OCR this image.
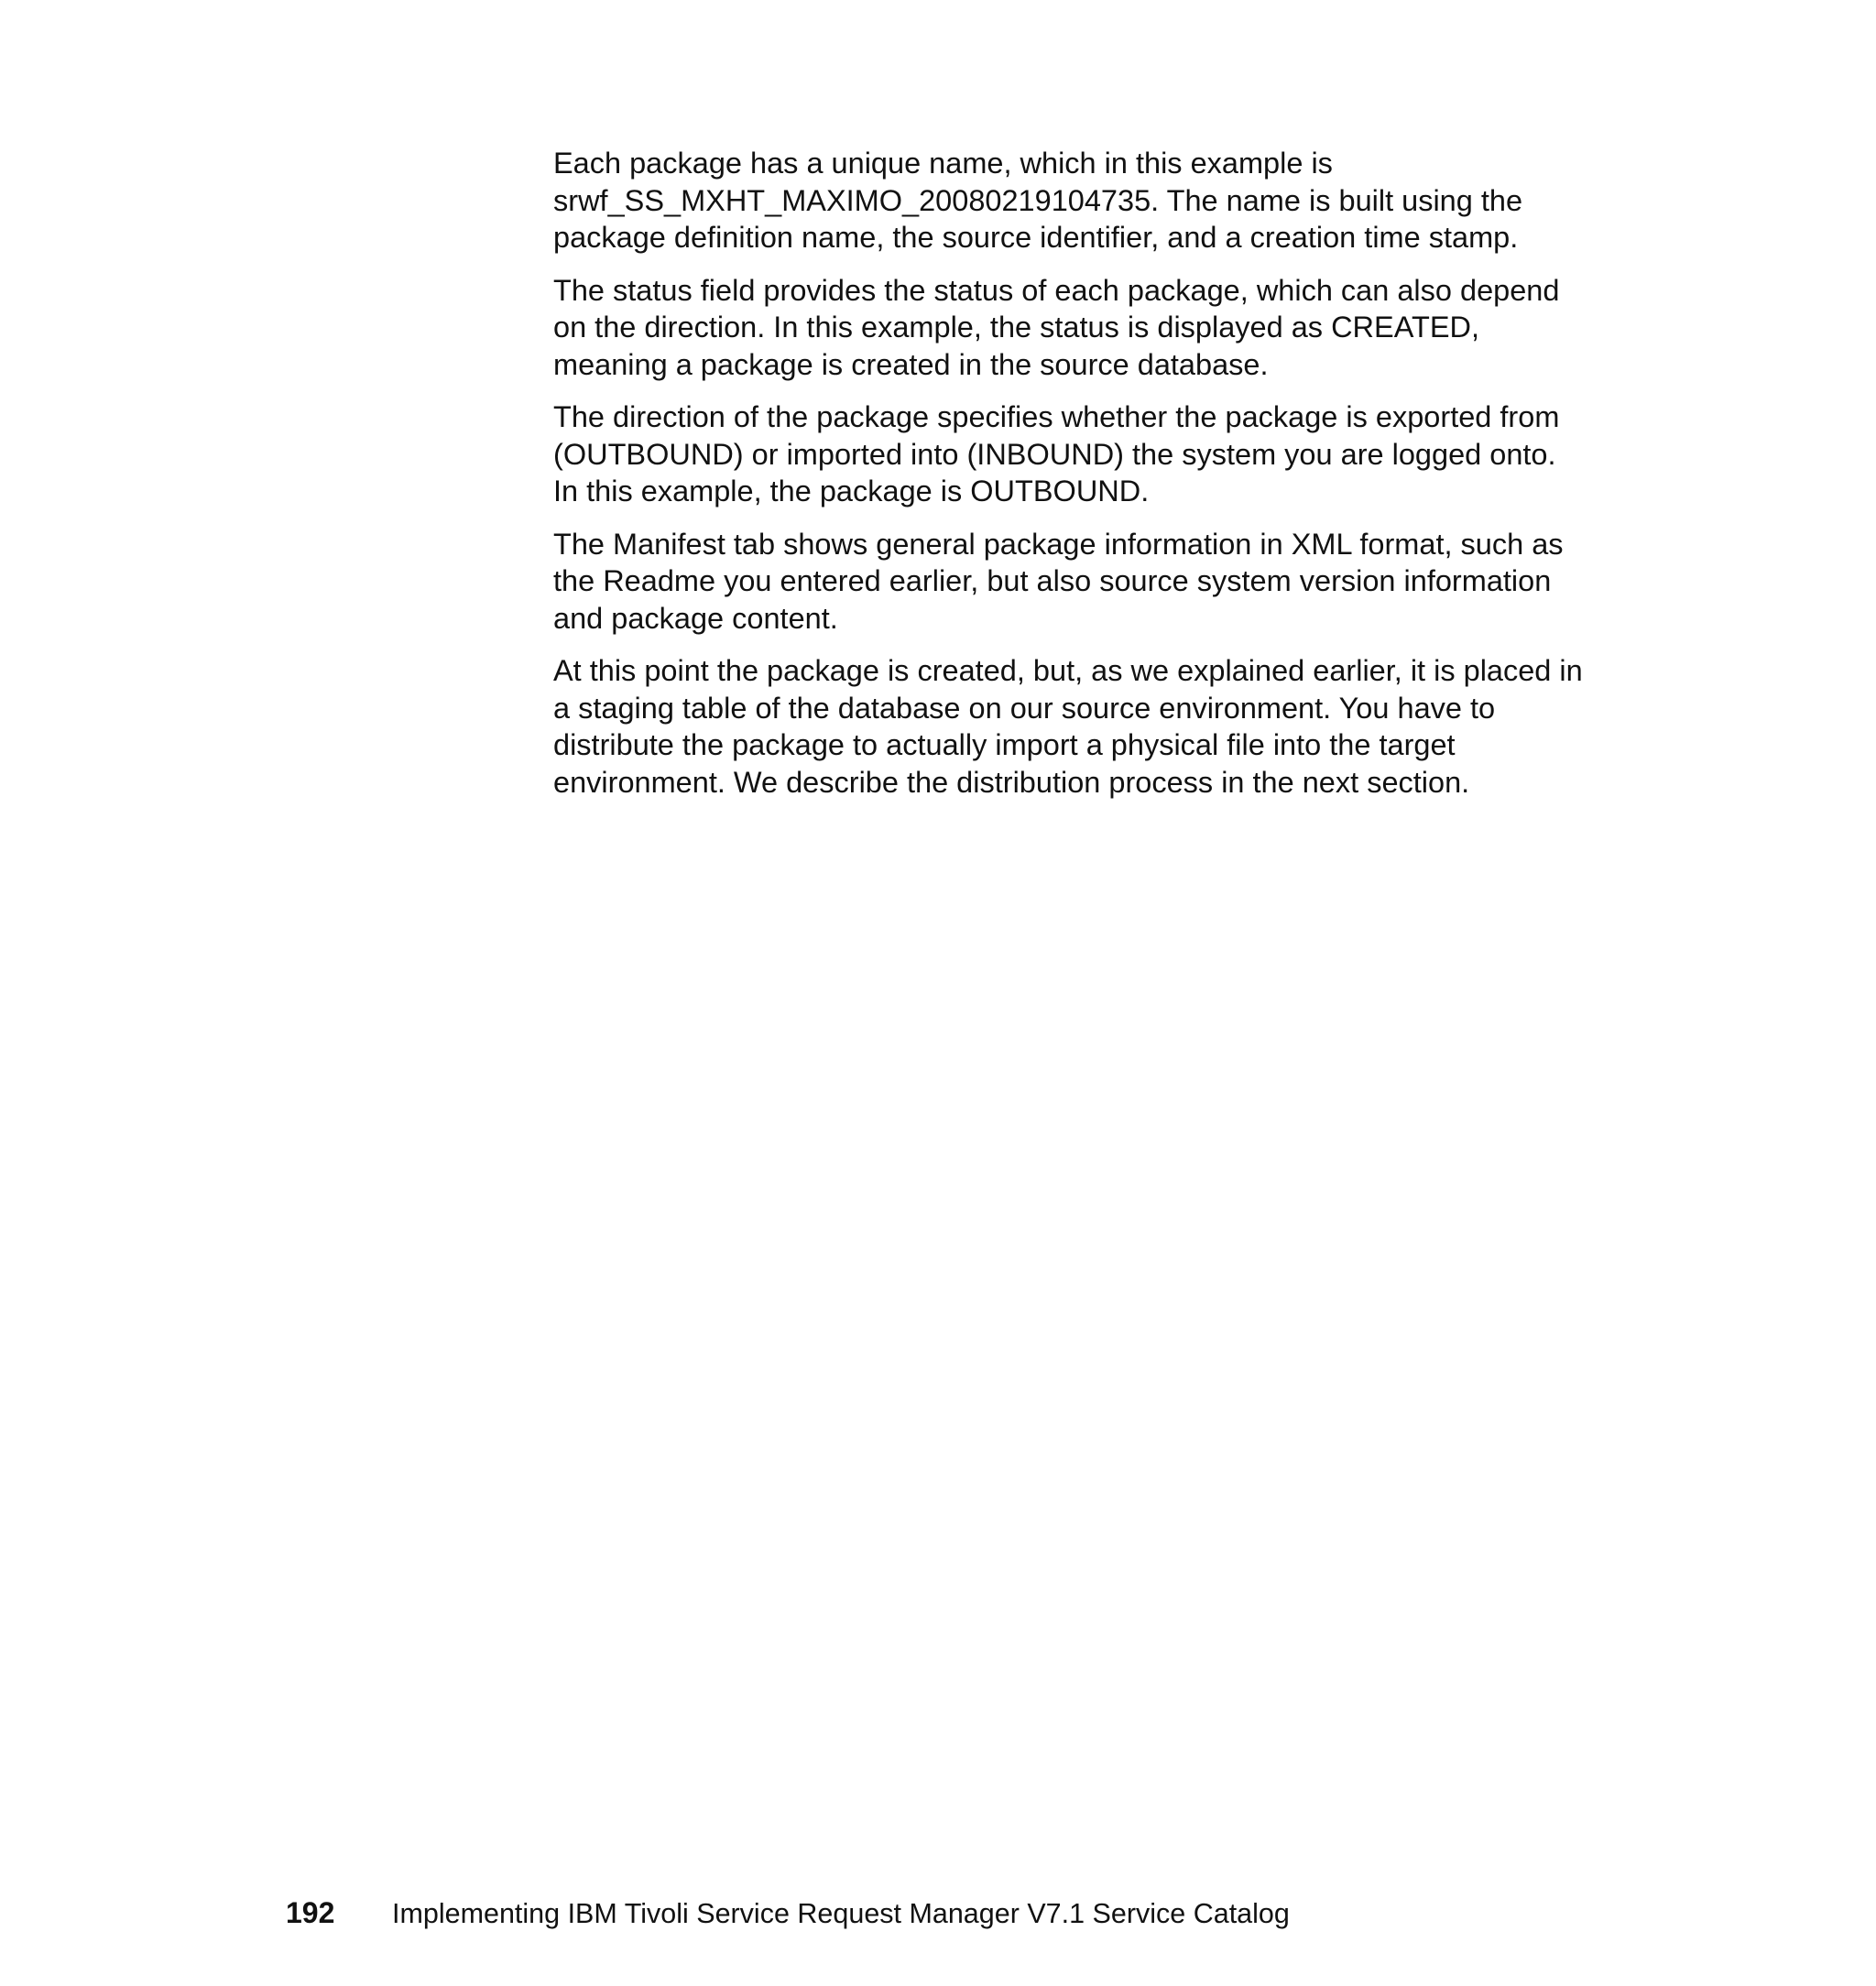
Each package has a unique name, which in this example is
srwf_SS_MXHT_MAXIMO_20080219104735. The name is built using the
package definition name, the source identifier, and a creation time stamp.

The status field provides the status of each package, which can also depend
on the direction. In this example, the status is displayed as CREATED,
meaning a package is created in the source database.

The direction of the package specifies whether the package is exported from
(OUTBOUND) or imported into (INBOUND) the system you are logged onto.
In this example, the package is OUTBOUND.

The Manifest tab shows general package information in XML format, such as
the Readme you entered earlier, but also source system version information
and package content.

At this point the package is created, but, as we explained earlier, it is placed in
a staging table of the database on our source environment. You have to
distribute the package to actually import a physical file into the target
environment. We describe the distribution process in the next section.

192	Implementing IBM Tivoli Service Request Manager V7.1 Service Catalog
